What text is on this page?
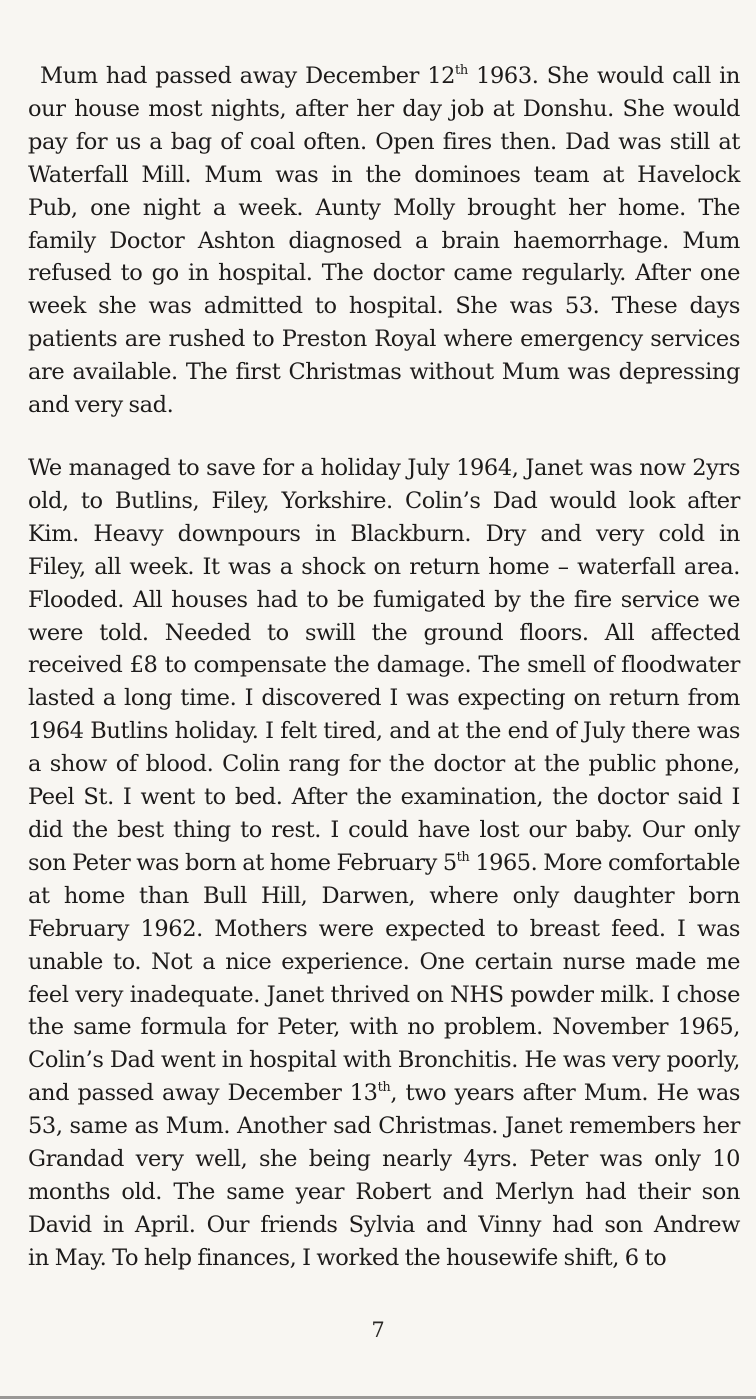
Mum had passed away December 12th 1963. She would call in
our house most nights, after her day job at Donshu. She would
pay for us a bag of coal often. Open fires then. Dad was still at
Waterfall Mill. Mum was in the dominoes team at Havelock
Pub, one night a week. Aunty Molly brought her home. The
family Doctor Ashton diagnosed a brain haemorrhage. Mum
refused to go in hospital. The doctor came regularly. After one
week she was admitted to hospital. She was 53. These days
patients are rushed to Preston Royal where emergency services
are available. The first Christmas without Mum was depressing
and very sad.
We managed to save for a holiday July 1964, Janet was now 2yrs
old, to Butlins, Filey, Yorkshire. Colin’s Dad would look after
Kim. Heavy downpours in Blackburn. Dry and very cold in
Filey, all week. It was a shock on return home – waterfall area.
Flooded. All houses had to be fumigated by the fire service we
were told. Needed to swill the ground floors. All affected
received £8 to compensate the damage. The smell of floodwater
lasted a long time. I discovered I was expecting on return from
1964 Butlins holiday. I felt tired, and at the end of July there was
a show of blood. Colin rang for the doctor at the public phone,
Peel St. I went to bed. After the examination, the doctor said I
did the best thing to rest. I could have lost our baby. Our only
son Peter was born at home February 5th 1965. More comfortable
at home than Bull Hill, Darwen, where only daughter born
February 1962. Mothers were expected to breast feed. I was
unable to. Not a nice experience. One certain nurse made me
feel very inadequate. Janet thrived on NHS powder milk. I chose
the same formula for Peter, with no problem. November 1965,
Colin’s Dad went in hospital with Bronchitis. He was very poorly,
and passed away December 13th, two years after Mum. He was
53, same as Mum. Another sad Christmas. Janet remembers her
Grandad very well, she being nearly 4yrs. Peter was only 10
months old. The same year Robert and Merlyn had their son
David in April. Our friends Sylvia and Vinny had son Andrew
in May. To help finances, I worked the housewife shift, 6 to
7
